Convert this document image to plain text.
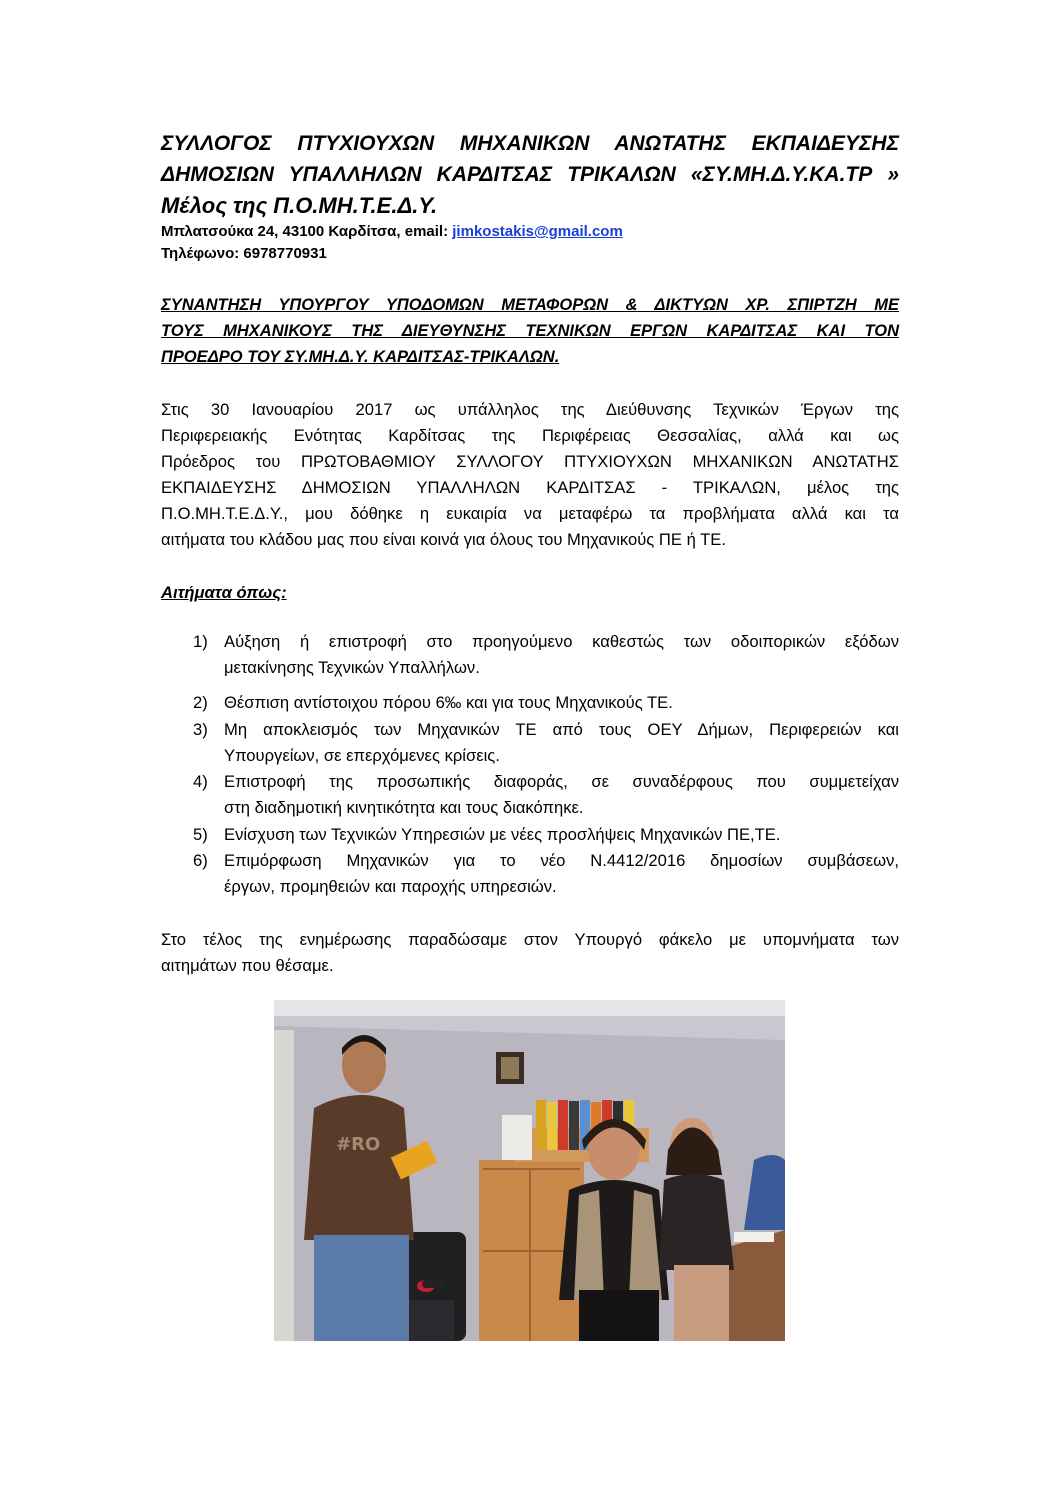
ΣΥΛΛΟΓΟΣ ΠΤΥΧΙΟΥΧΩΝ ΜΗΧΑΝΙΚΩΝ ΑΝΩΤΑΤΗΣ ΕΚΠΑΙΔΕΥΣΗΣ
ΔΗΜΟΣΙΩΝ ΥΠΑΛΛΗΛΩΝ ΚΑΡΔΙΤΣΑΣ ΤΡΙΚΑΛΩΝ «ΣΥ.ΜΗ.Δ.Υ.ΚΑ.ΤΡ »
Μέλος της Π.Ο.ΜΗ.Τ.Ε.Δ.Υ.
Μπλατσούκα 24, 43100 Καρδίτσα, email: jimkostakis@gmail.com
Τηλέφωνο: 6978770931
ΣΥΝΑΝΤΗΣΗ ΥΠΟΥΡΓΟΥ ΥΠΟΔΟΜΩΝ ΜΕΤΑΦΟΡΩΝ & ΔΙΚΤΥΩΝ ΧΡ. ΣΠΙΡΤΖΗ ΜΕ
ΤΟΥΣ ΜΗΧΑΝΙΚΟΥΣ ΤΗΣ ΔΙΕΥΘΥΝΣΗΣ ΤΕΧΝΙΚΩΝ ΕΡΓΩΝ ΚΑΡΔΙΤΣΑΣ ΚΑΙ ΤΟΝ
ΠΡΟΕΔΡΟ ΤΟΥ ΣΥ.ΜΗ.Δ.Υ. ΚΑΡΔΙΤΣΑΣ-ΤΡΙΚΑΛΩΝ.
Στις 30 Ιανουαρίου 2017 ως υπάλληλος της Διεύθυνσης Τεχνικών Έργων της
Περιφερειακής Ενότητας Καρδίτσας της Περιφέρειας Θεσσαλίας, αλλά και ως
Πρόεδρος του ΠΡΩΤΟΒΑΘΜΙΟΥ ΣΥΛΛΟΓΟΥ ΠΤΥΧΙΟΥΧΩΝ ΜΗΧΑΝΙΚΩΝ ΑΝΩΤΑΤΗΣ
ΕΚΠΑΙΔΕΥΣΗΣ ΔΗΜΟΣΙΩΝ ΥΠΑΛΛΗΛΩΝ ΚΑΡΔΙΤΣΑΣ - ΤΡΙΚΑΛΩΝ, μέλος της
Π.Ο.ΜΗ.Τ.Ε.Δ.Υ., μου δόθηκε η ευκαιρία να μεταφέρω τα προβλήματα αλλά και τα
αιτήματα του κλάδου μας που είναι κοινά για όλους του Μηχανικούς ΠΕ ή ΤΕ.
Αιτήματα όπως:
1) Αύξηση ή επιστροφή στο προηγούμενο καθεστώς των οδοιπορικών εξόδων
μετακίνησης Τεχνικών Υπαλλήλων.
2) Θέσπιση αντίστοιχου πόρου 6‰ και για τους Μηχανικούς ΤΕ.
3) Μη αποκλεισμός των Μηχανικών ΤΕ από τους ΟΕΥ Δήμων, Περιφερειών και
Υπουργείων, σε επερχόμενες κρίσεις.
4) Επιστροφή της προσωπικής διαφοράς, σε συναδέρφους που συμμετείχαν
στη διαδημοτική κινητικότητα και τους διακόπηκε.
5) Ενίσχυση των Τεχνικών Υπηρεσιών με νέες προσλήψεις Μηχανικών ΠΕ,ΤΕ.
6) Επιμόρφωση Μηχανικών για το νέο Ν.4412/2016 δημοσίων συμβάσεων,
έργων, προμηθειών και παροχής υπηρεσιών.
Στο τέλος της ενημέρωσης παραδώσαμε στον Υπουργό φάκελο με υπομνήματα των
αιτημάτων που θέσαμε.
#RO
